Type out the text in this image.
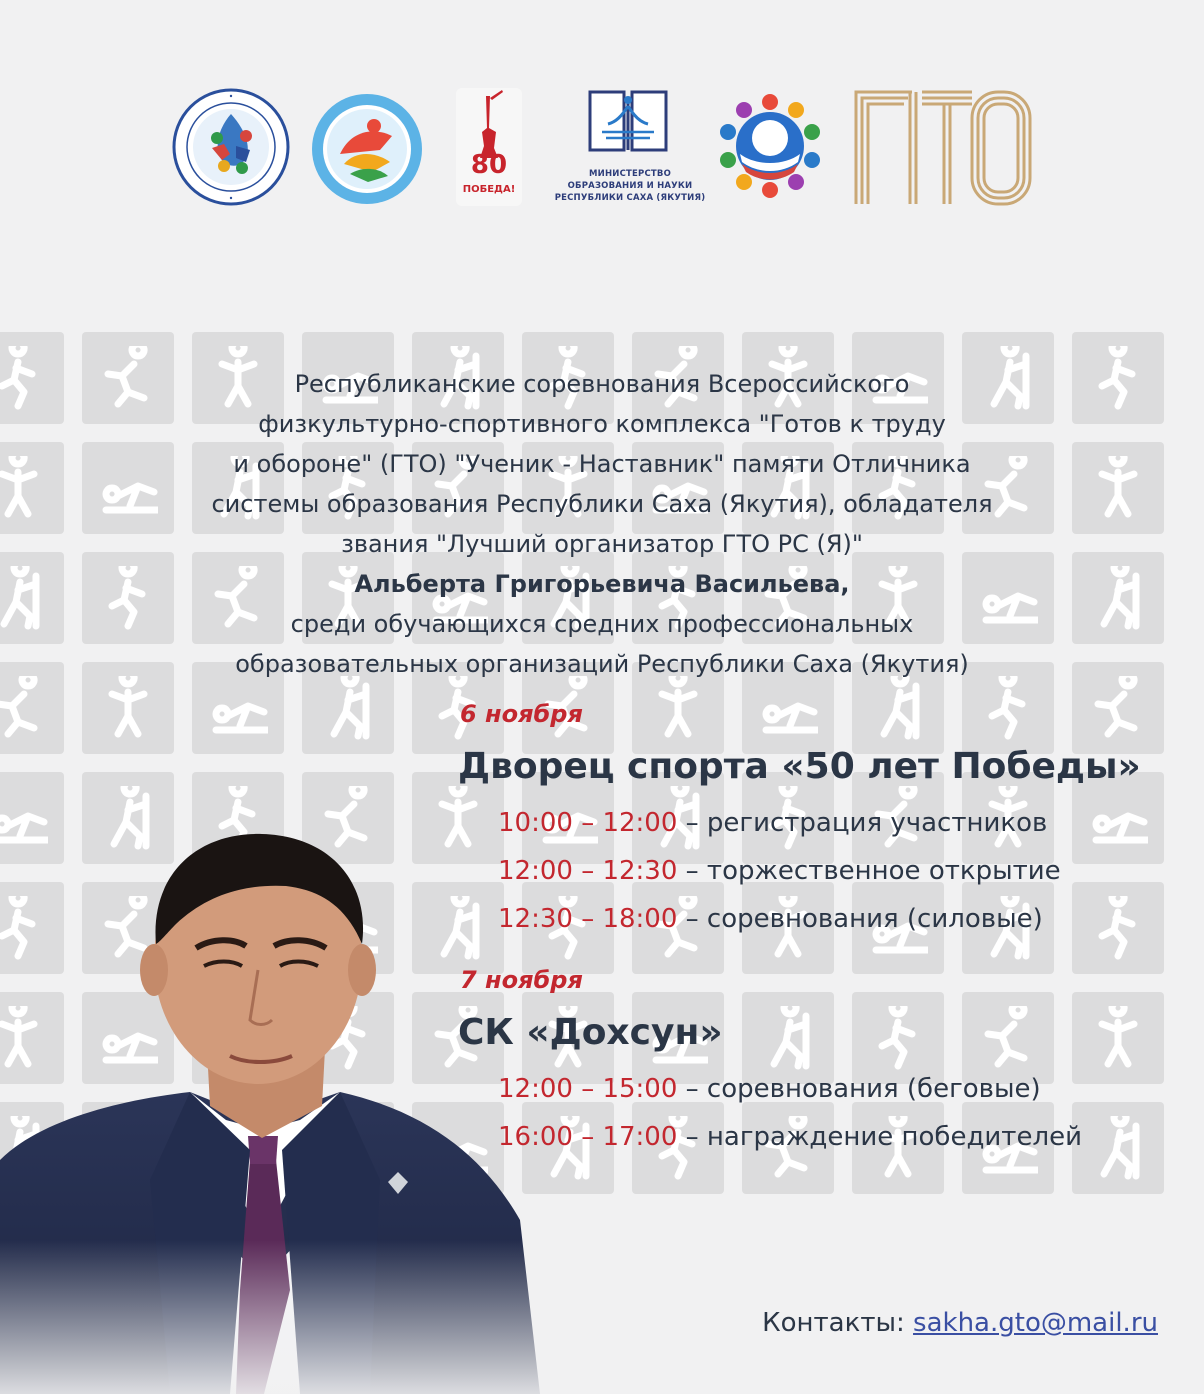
80
ПОБЕДА!
МИНИСТЕРСТВО
ОБРАЗОВАНИЯ И НАУКИ
РЕСПУБЛИКИ САХА (ЯКУТИЯ)
ГТО
Республиканские соревнования Всероссийского
физкультурно-спортивного комплекса "Готов к труду
и обороне" (ГТО) "Ученик - Наставник" памяти Отличника
системы образования Республики Саха (Якутия), обладателя
звания "Лучший организатор ГТО РС (Я)"
Альберта Григорьевича Васильева,
среди обучающихся средних профессиональных
образовательных организаций Республики Саха (Якутия)
6 ноября
Дворец спорта «50 лет Победы»
10:00 – 12:00 – регистрация участников
12:00 – 12:30 – торжественное открытие
12:30 – 18:00 – соревнования (силовые)
7 ноября
СК «Дохсун»
12:00 – 15:00 – соревнования (беговые)
16:00 – 17:00 – награждение победителей
Контакты: sakha.gto@mail.ru
